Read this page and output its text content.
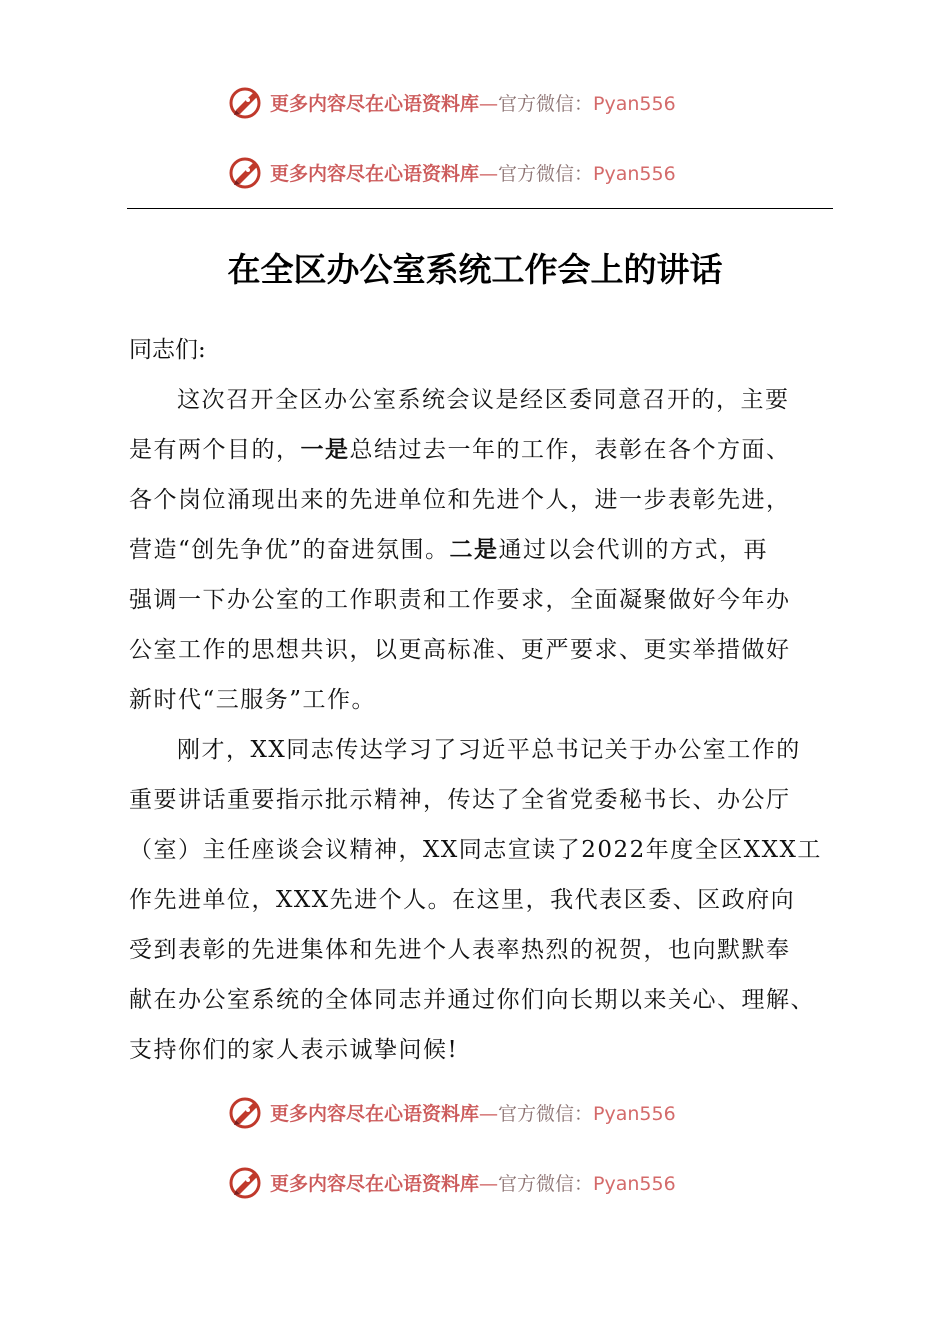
更多内容尽在心语资料库—官方微信：Pyan556
更多内容尽在心语资料库—官方微信：Pyan556
在全区办公室系统工作会上的讲话
同志们:
这次召开全区办公室系统会议是经区委同意召开的，主要
是有两个目的，一是总结过去一年的工作，表彰在各个方面、
各个岗位涌现出来的先进单位和先进个人，进一步表彰先进，
营造“创先争优”的奋进氛围。二是通过以会代训的方式，再
强调一下办公室的工作职责和工作要求，全面凝聚做好今年办
公室工作的思想共识，以更高标准、更严要求、更实举措做好
新时代“三服务”工作。
刚才，XX同志传达学习了习近平总书记关于办公室工作的
重要讲话重要指示批示精神，传达了全省党委秘书长、办公厅
（室）主任座谈会议精神，XX同志宣读了2022年度全区XXX工
作先进单位，XXX先进个人。在这里，我代表区委、区政府向
受到表彰的先进集体和先进个人表率热烈的祝贺，也向默默奉
献在办公室系统的全体同志并通过你们向长期以来关心、理解、
支持你们的家人表示诚挚问候!
更多内容尽在心语资料库—官方微信：Pyan556
更多内容尽在心语资料库—官方微信：Pyan556
